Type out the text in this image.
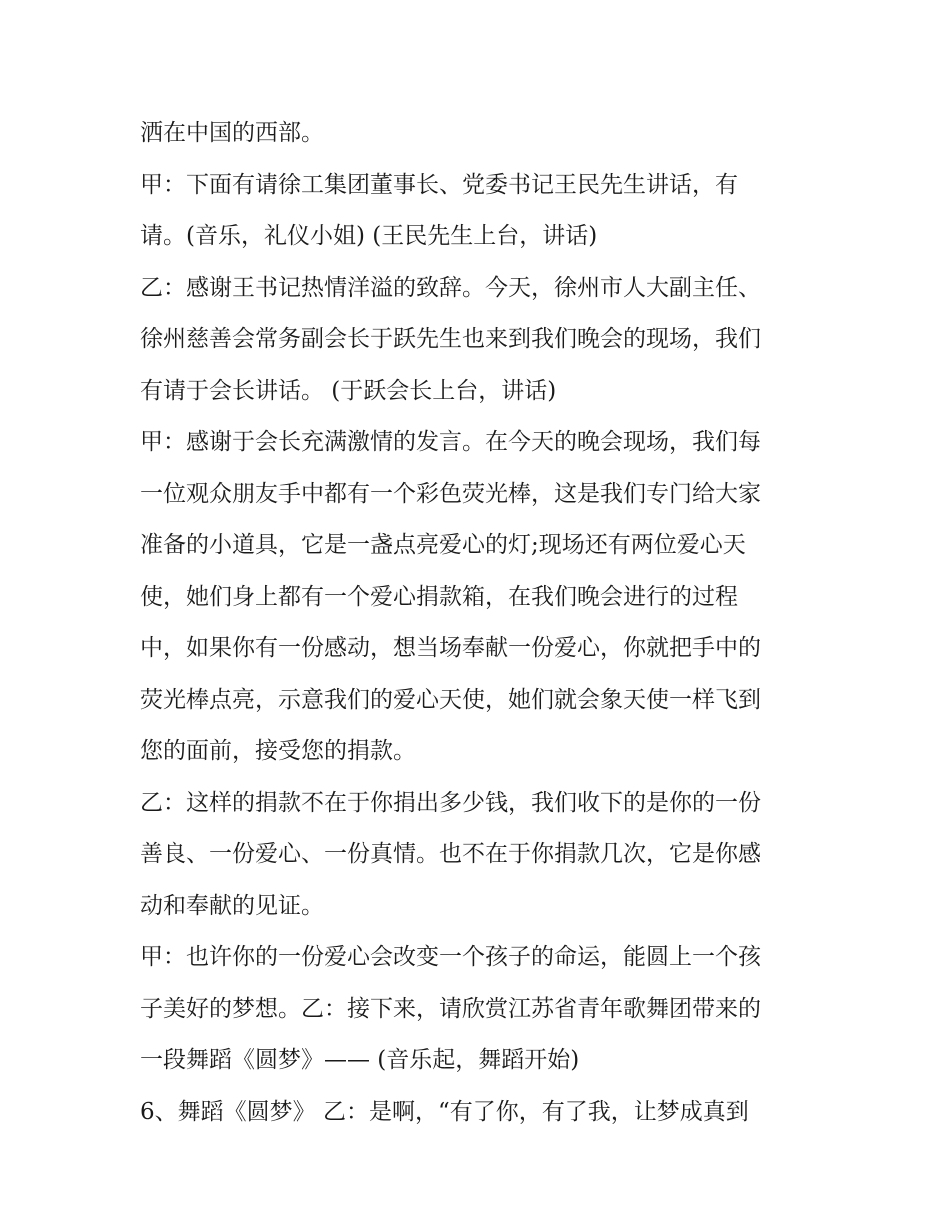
洒在中国的西部。
甲：下面有请徐工集团董事长、党委书记王民先生讲话，有
请。(音乐，礼仪小姐) (王民先生上台，讲话)
乙：感谢王书记热情洋溢的致辞。今天，徐州市人大副主任、
徐州慈善会常务副会长于跃先生也来到我们晚会的现场，我们
有请于会长讲话。 (于跃会长上台，讲话)
甲：感谢于会长充满激情的发言。在今天的晚会现场，我们每
一位观众朋友手中都有一个彩色荧光棒，这是我们专门给大家
准备的小道具，它是一盏点亮爱心的灯;现场还有两位爱心天
使，她们身上都有一个爱心捐款箱，在我们晚会进行的过程
中，如果你有一份感动，想当场奉献一份爱心，你就把手中的
荧光棒点亮，示意我们的爱心天使，她们就会象天使一样飞到
您的面前，接受您的捐款。
乙：这样的捐款不在于你捐出多少钱，我们收下的是你的一份
善良、一份爱心、一份真情。也不在于你捐款几次，它是你感
动和奉献的见证。
甲：也许你的一份爱心会改变一个孩子的命运，能圆上一个孩
子美好的梦想。乙：接下来，请欣赏江苏省青年歌舞团带来的
一段舞蹈《圆梦》—— (音乐起，舞蹈开始)
6、舞蹈《圆梦》 乙：是啊，“有了你，有了我，让梦成真到
